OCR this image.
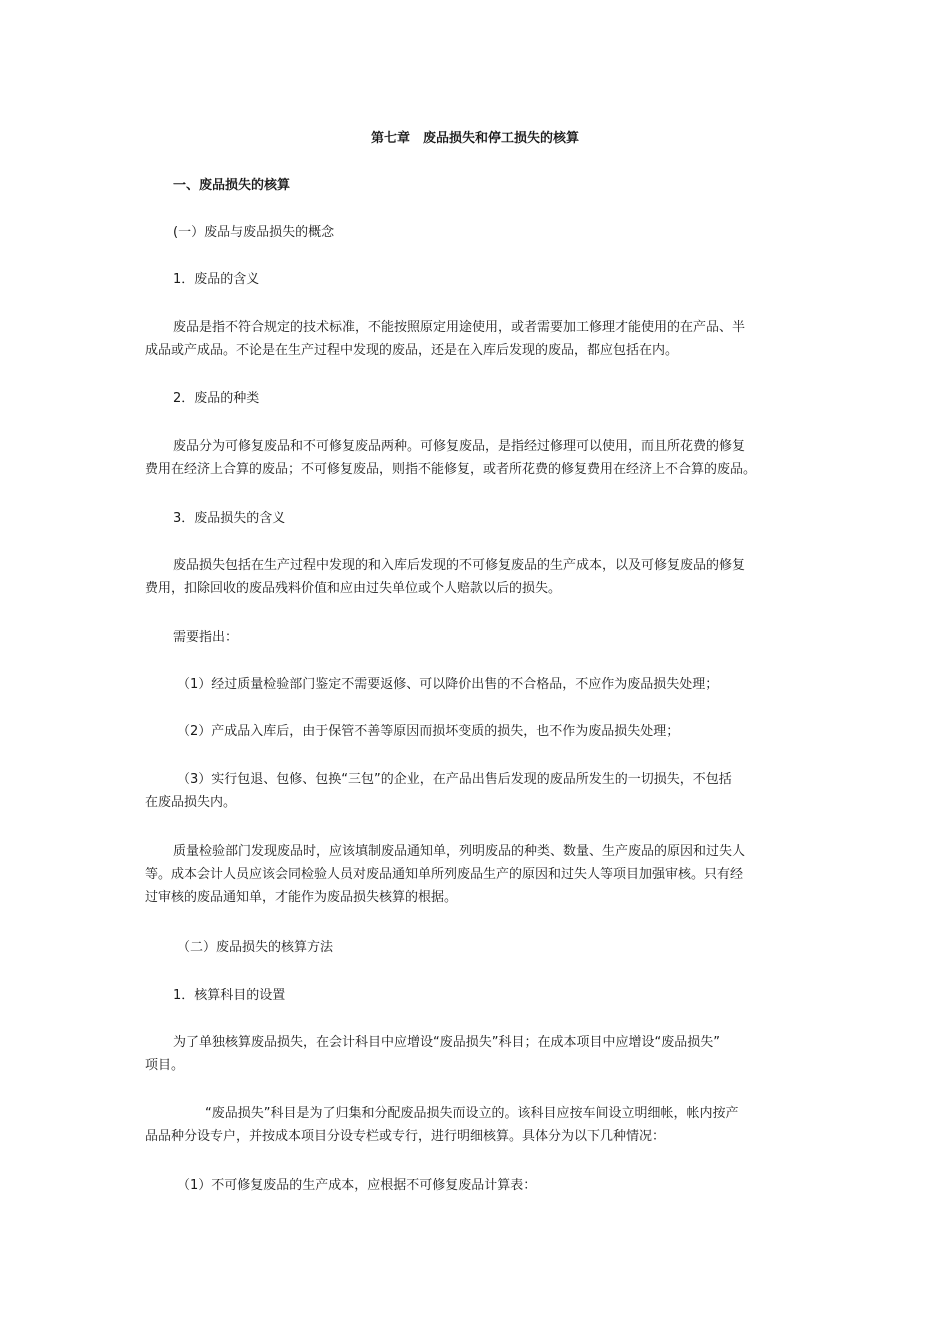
第七章　废品损失和停工损失的核算

一、废品损失的核算

(一）废品与废品损失的概念

1．废品的含义

废品是指不符合规定的技术标准，不能按照原定用途使用，或者需要加工修理才能使用的在产品、半
成品或产成品。不论是在生产过程中发现的废品，还是在入库后发现的废品，都应包括在内。

2．废品的种类

废品分为可修复废品和不可修复废品两种。可修复废品，是指经过修理可以使用，而且所花费的修复
费用在经济上合算的废品；不可修复废品，则指不能修复，或者所花费的修复费用在经济上不合算的废品。

3．废品损失的含义

废品损失包括在生产过程中发现的和入库后发现的不可修复废品的生产成本，以及可修复废品的修复
费用，扣除回收的废品残料价值和应由过失单位或个人赔款以后的损失。

需要指出：

（1）经过质量检验部门鉴定不需要返修、可以降价出售的不合格品，不应作为废品损失处理；

（2）产成品入库后，由于保管不善等原因而损坏变质的损失，也不作为废品损失处理；

（3）实行包退、包修、包换“三包”的企业，在产品出售后发现的废品所发生的一切损失，不包括
在废品损失内。
质量检验部门发现废品时，应该填制废品通知单，列明废品的种类、数量、生产废品的原因和过失人
等。成本会计人员应该会同检验人员对废品通知单所列废品生产的原因和过失人等项目加强审核。只有经
过审核的废品通知单，才能作为废品损失核算的根据。

（二）废品损失的核算方法

1．核算科目的设置

为了单独核算废品损失，在会计科目中应增设“废品损失”科目；在成本项目中应增设“废品损失”
项目。
“废品损失”科目是为了归集和分配废品损失而设立的。该科目应按车间设立明细帐，帐内按产
品品种分设专户，并按成本项目分设专栏或专行，进行明细核算。具体分为以下几种情况：

（1）不可修复废品的生产成本，应根据不可修复废品计算表：
